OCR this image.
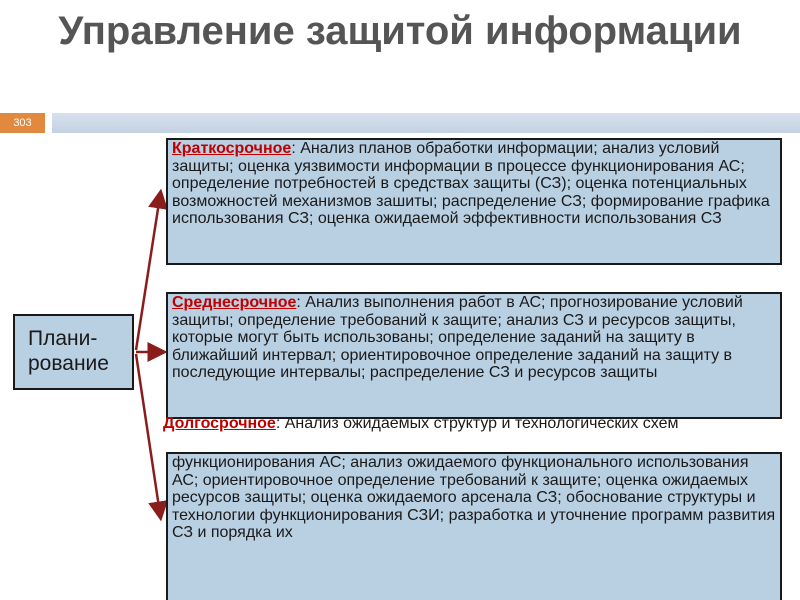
Управление защитой информации
303
Плани-рование
Краткосрочное: Анализ планов обработки информации; анализ условий защиты; оценка уязвимости информации в процессе функционирования АС; определение потребностей в средствах защиты (СЗ); оценка потенциальных возможностей механизмов зашиты; распределение СЗ; формирование графика использования СЗ; оценка ожидаемой эффективности использования СЗ
Среднесрочное: Анализ выполнения работ в АС; прогнозирование условий защиты; определение требований к защите; анализ СЗ и ресурсов защиты, которые могут быть использованы; определение заданий на защиту в ближайший интервал; ориентировочное определение заданий на защиту в последующие интервалы; распределение СЗ и ресурсов защиты
Долгосрочное: Анализ ожидаемых структур и технологических схем
функционирования АС; анализ ожидаемого функционального использования АС; ориентировочное определение требований к защите; оценка ожидаемых ресурсов защиты; оценка ожидаемого арсенала СЗ; обоснование структуры и технологии функционирования СЗИ; разработка и уточнение программ развития СЗ и порядка их
